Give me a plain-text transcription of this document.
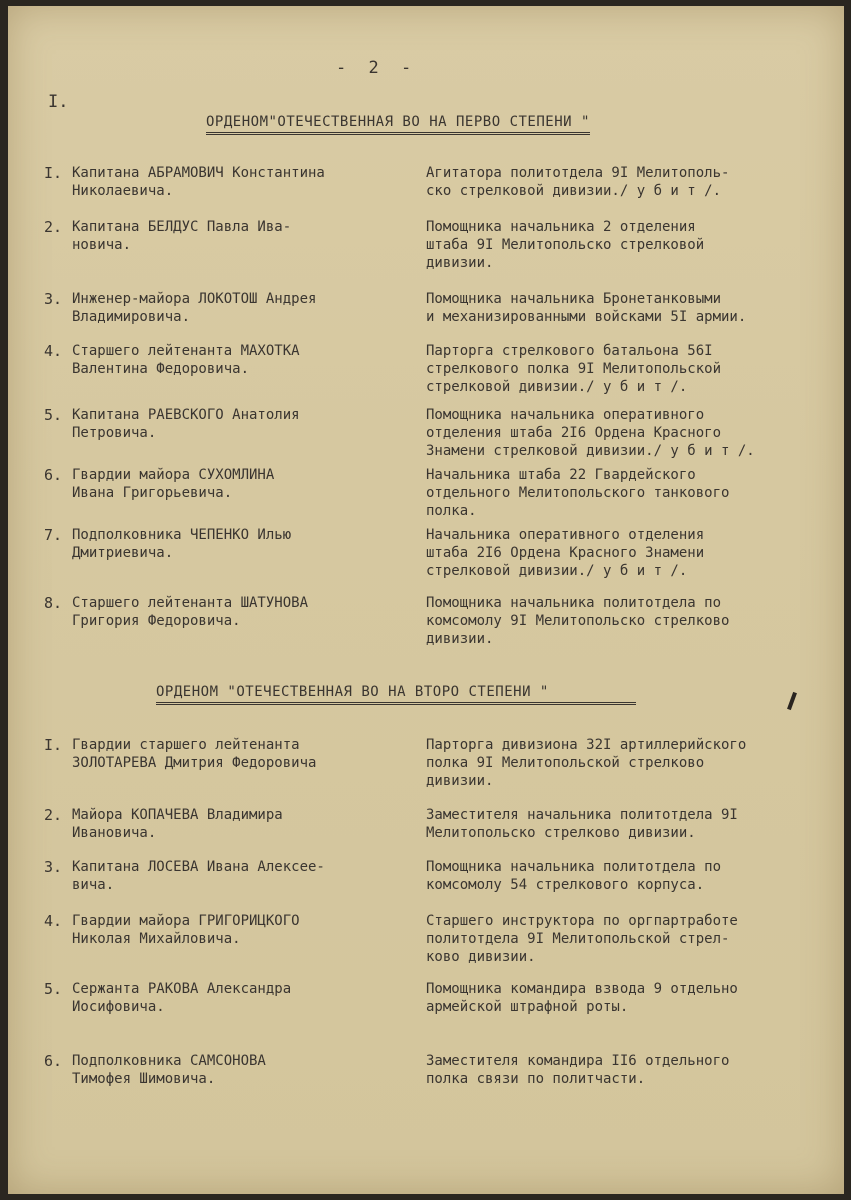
- 2 -
I.
ОРДЕНОМ"ОТЕЧЕСТВЕННАЯ ВО НА ПЕРВО СТЕПЕНИ "
I. Капитана АБРАМОВИЧ Константина
Николаевича.
Агитатора политотдела 9I Мелитополь-
ско стрелковой дивизии./ у б и т /.
2. Капитана БЕЛДУС Павла Ива-
новича.
Помощника начальника 2 отделения
штаба 9I Мелитопольско стрелковой
дивизии.
3. Инженер-майора ЛОКОТОШ Андрея
Владимировича.
Помощника начальника Бронетанковыми
и механизированными войсками 5I армии.
4. Старшего лейтенанта МАХОТКА
Валентина Федоровича.
Парторга стрелкового батальона 56I
стрелкового полка 9I Мелитопольской
стрелковой дивизии./ у б и т /.
5. Капитана РАЕВСКОГО Анатолия
Петровича.
Помощника начальника оперативного
отделения штаба 2I6 Ордена Красного
Знамени стрелковой дивизии./ у б и т /.
6. Гвардии майора СУХОМЛИНА
Ивана Григорьевича.
Начальника штаба 22 Гвардейского
отдельного Мелитопольского танкового
полка.
7. Подполковника ЧЕПЕНКО Илью
Дмитриевича.
Начальника оперативного отделения
штаба 2I6 Ордена Красного Знамени
стрелковой дивизии./ у б и т /.
8. Старшего лейтенанта ШАТУНОВА
Григория Федоровича.
Помощника начальника политотдела по
комсомолу 9I Мелитопольско стрелково
дивизии.
ОРДЕНОМ "ОТЕЧЕСТВЕННАЯ ВО НА ВТОРО СТЕПЕНИ "
I. Гвардии старшего лейтенанта
ЗОЛОТАРЕВА Дмитрия Федоровича
Парторга дивизиона 32I артиллерийского
полка 9I Мелитопольской стрелково
дивизии.
2. Майора КОПАЧЕВА Владимира
Ивановича.
Заместителя начальника политотдела 9I
Мелитопольско стрелково дивизии.
3. Капитана ЛОСЕВА Ивана Алексее-
вича.
Помощника начальника политотдела по
комсомолу 54 стрелкового корпуса.
4. Гвардии майора ГРИГОРИЦКОГО
Николая Михайловича.
Старшего инструктора по оргпартработе
политотдела 9I Мелитопольской стрел-
ково дивизии.
5. Сержанта РАКОВА Александра
Иосифовича.
Помощника командира взвода 9 отдельно
армейской штрафной роты.
6. Подполковника САМСОНОВА
Тимофея Шимовича.
Заместителя командира II6 отдельного
полка связи по политчасти.
